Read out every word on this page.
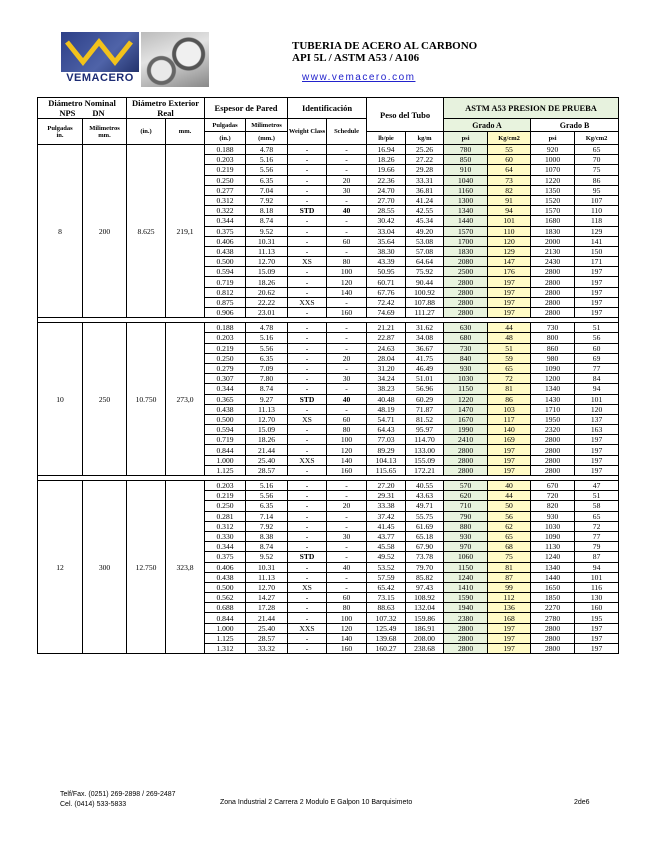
VEMACERO
TUBERIA DE ACERO AL CARBONO
API 5L / ASTM A53 / A106
www.vemacero.com
Diámetro Nominal
NPS DN		Diámetro Exterior Real		Espesor de Pared		Identificación		Peso del Tubo		ASTM A53 PRESION DE PRUEBA			
Pulgadas
in.	Milimetros
mm.	(in.)	mm.	Pulgadas	Milimetros	Weight Class	Schedule			Grado A		Grado B	
				(in.)	(mm.)			lb/pie	kg/m	psi	Kg/cm2	psi	Kg/cm2
8	200	8.625	219,1	0.188	4.78	-	-	16.94	25.26	780	55	920	65
				0.203	5.16	-	-	18.26	27.22	850	60	1000	70
				0.219	5.56	-	-	19.66	29.28	910	64	1070	75
				0.250	6.35	-	20	22.36	33.31	1040	73	1220	86
				0.277	7.04	-	30	24.70	36.81	1160	82	1350	95
				0.312	7.92	-	-	27.70	41.24	1300	91	1520	107
				0.322	8.18	STD	40	28.55	42.55	1340	94	1570	110
				0.344	8.74	-	-	30.42	45.34	1440	101	1680	118
				0.375	9.52	-	-	33.04	49.20	1570	110	1830	129
				0.406	10.31	-	60	35.64	53.08	1700	120	2000	141
				0.438	11.13	-	-	38.30	57.08	1830	129	2130	150
				0.500	12.70	XS	80	43.39	64.64	2080	147	2430	171
				0.594	15.09	-	100	50.95	75.92	2500	176	2800	197
				0.719	18.26	-	120	60.71	90.44	2800	197	2800	197
				0.812	20.62	-	140	67.76	100.92	2800	197	2800	197
				0.875	22.22	XXS	-	72.42	107.88	2800	197	2800	197
				0.906	23.01	-	160	74.69	111.27	2800	197	2800	197

10	250	10.750	273,0	0.188	4.78	-	-	21.21	31.62	630	44	730	51
				0.203	5.16	-	-	22.87	34.08	680	48	800	56
				0.219	5.56	-	-	24.63	36.67	730	51	860	60
				0.250	6.35	-	20	28.04	41.75	840	59	980	69
				0.279	7.09	-	-	31.20	46.49	930	65	1090	77
				0.307	7.80	-	30	34.24	51.01	1030	72	1200	84
				0.344	8.74	-	-	38.23	56.96	1150	81	1340	94
				0.365	9.27	STD	40	40.48	60.29	1220	86	1430	101
				0.438	11.13	-	-	48.19	71.87	1470	103	1710	120
				0.500	12.70	XS	60	54.71	81.52	1670	117	1950	137
				0.594	15.09	-	80	64.43	95.97	1990	140	2320	163
				0.719	18.26	-	100	77.03	114.70	2410	169	2800	197
				0.844	21.44	-	120	89.29	133.00	2800	197	2800	197
				1.000	25.40	XXS	140	104.13	155.09	2800	197	2800	197
				1.125	28.57	-	160	115.65	172.21	2800	197	2800	197

12	300	12.750	323,8	0.203	5.16	-	-	27.20	40.55	570	40	670	47
				0.219	5.56	-	-	29.31	43.63	620	44	720	51
				0.250	6.35	-	20	33.38	49.71	710	50	820	58
				0.281	7.14	-	-	37.42	55.75	790	56	930	65
				0.312	7.92	-	-	41.45	61.69	880	62	1030	72
				0.330	8.38	-	30	43.77	65.18	930	65	1090	77
				0.344	8.74	-	-	45.58	67.90	970	68	1130	79
				0.375	9.52	STD	-	49.52	73.78	1060	75	1240	87
				0.406	10.31	-	40	53.52	79.70	1150	81	1340	94
				0.438	11.13	-	-	57.59	85.82	1240	87	1440	101
				0.500	12.70	XS	-	65.42	97.43	1410	99	1650	116
				0.562	14.27	-	60	73.15	108.92	1590	112	1850	130
				0.688	17.28	-	80	88.63	132.04	1940	136	2270	160
				0.844	21.44	-	100	107.32	159.86	2380	168	2780	195
				1.000	25.40	XXS	120	125.49	186.91	2800	197	2800	197
				1.125	28.57	-	140	139.68	208.00	2800	197	2800	197
				1.312	33.32	-	160	160.27	238.68	2800	197	2800	197
Telf/Fax. (0251) 269-2898 / 269-2487
Cel. (0414) 533-5833	Zona Industrial 2 Carrera 2 Modulo E Galpon 10 Barquisimeto	2de6
